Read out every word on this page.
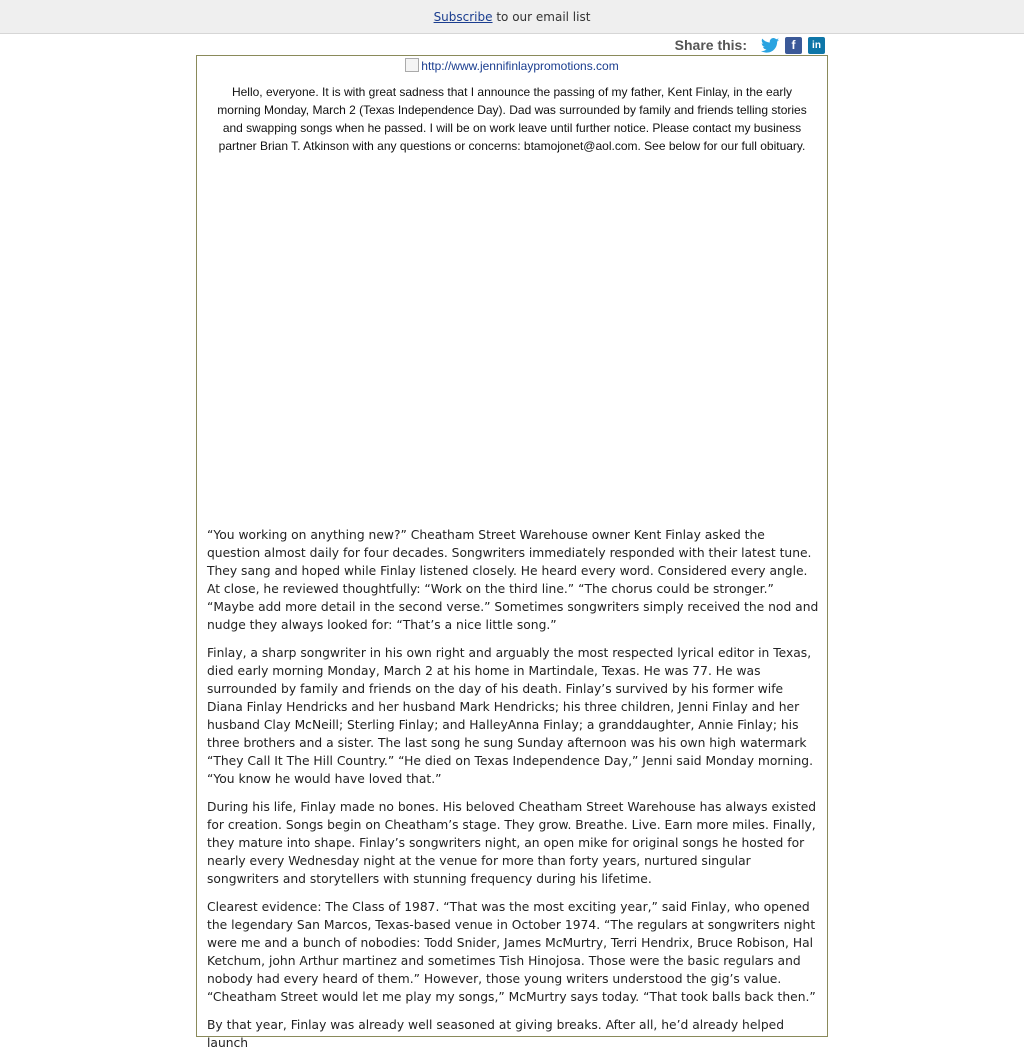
Subscribe to our email list
Share this:	f	in
http://www.jennifinlaypromotions.com
Hello, everyone. It is with great sadness that I announce the passing of my father, Kent Finlay, in the early morning Monday, March 2 (Texas Independence Day). Dad was surrounded by family and friends telling stories and swapping songs when he passed. I will be on work leave until further notice. Please contact my business partner Brian T. Atkinson with any questions or concerns: btamojonet@aol.com. See below for our full obituary.

“You working on anything new?” Cheatham Street Warehouse owner Kent Finlay asked the question almost daily for four decades. Songwriters immediately responded with their latest tune. They sang and hoped while Finlay listened closely. He heard every word. Considered every angle. At close, he reviewed thoughtfully: “Work on the third line.” “The chorus could be stronger.” “Maybe add more detail in the second verse.” Sometimes songwriters simply received the nod and nudge they always looked for: “That’s a nice little song.”

Finlay, a sharp songwriter in his own right and arguably the most respected lyrical editor in Texas, died early morning Monday, March 2 at his home in Martindale, Texas. He was 77. He was surrounded by family and friends on the day of his death. Finlay’s survived by his former wife Diana Finlay Hendricks and her husband Mark Hendricks; his three children, Jenni Finlay and her husband Clay McNeill; Sterling Finlay; and HalleyAnna Finlay; a granddaughter, Annie Finlay; his three brothers and a sister. The last song he sung Sunday afternoon was his own high watermark “They Call It The Hill Country.” “He died on Texas Independence Day,” Jenni said Monday morning. “You know he would have loved that.”

During his life, Finlay made no bones. His beloved Cheatham Street Warehouse has always existed for creation. Songs begin on Cheatham’s stage. They grow. Breathe. Live. Earn more miles. Finally, they mature into shape. Finlay’s songwriters night, an open mike for original songs he hosted for nearly every Wednesday night at the venue for more than forty years, nurtured singular songwriters and storytellers with stunning frequency during his lifetime.

Clearest evidence: The Class of 1987. “That was the most exciting year,” said Finlay, who opened the legendary San Marcos, Texas-based venue in October 1974. “The regulars at songwriters night were me and a bunch of nobodies: Todd Snider, James McMurtry, Terri Hendrix, Bruce Robison, Hal Ketchum, john Arthur martinez and sometimes Tish Hinojosa. Those were the basic regulars and nobody had every heard of them.” However, those young writers understood the gig’s value. “Cheatham Street would let me play my songs,” McMurtry says today. “That took balls back then.”

By that year, Finlay was already well seasoned at giving breaks. After all, he’d already helped launch
